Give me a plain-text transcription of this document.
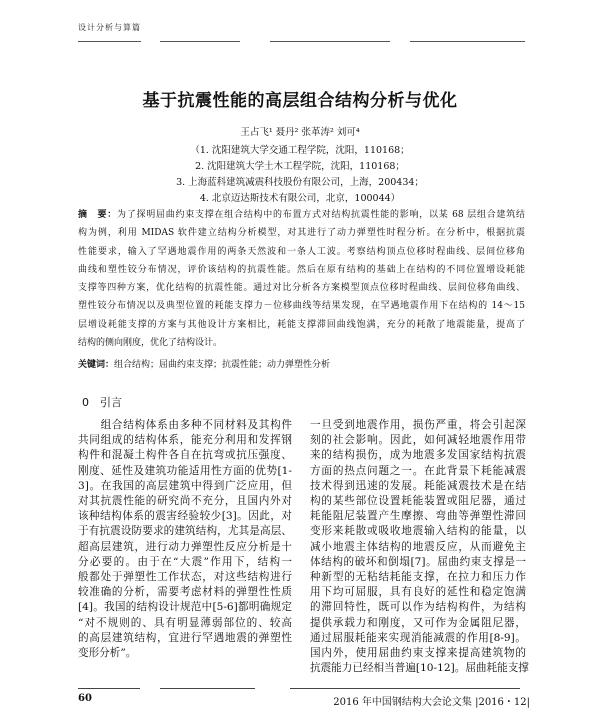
设计分析与算篇
基于抗震性能的高层组合结构分析与优化
王占飞¹ 聂丹² 张革涛² 刘可⁴
（1. 沈阳建筑大学交通工程学院，沈阳，110168；
2. 沈阳建筑大学土木工程学院，沈阳，110168；
3. 上海蓝科建筑减震科技股份有限公司，上海，200434；
4. 北京迈达斯技术有限公司，北京，100044）
摘　要：为了探明屈曲约束支撑在组合结构中的布置方式对结构抗震性能的影响，以某 68 层组合建筑结
构为例，利用 MIDAS 软件建立结构分析模型，对其进行了动力弹塑性时程分析。在分析中，根据抗震
性能要求，输入了罕遇地震作用的两条天然波和一条人工波。考察结构顶点位移时程曲线、层间位移角
曲线和塑性铰分布情况，评价该结构的抗震性能。然后在原有结构的基础上在结构的不同位置增设耗能
支撑等四种方案，优化结构的抗震性能。通过对比分析各方案模型顶点位移时程曲线、层间位移角曲线、
塑性铰分布情况以及典型位置的耗能支撑力－位移曲线等结果发现，在罕遇地震作用下在结构的 14～15
层增设耗能支撑的方案与其他设计方案相比，耗能支撑滞回曲线饱满，充分的耗散了地震能量，提高了
结构的侧向刚度，优化了结构设计。
关键词：组合结构；屈曲约束支撑；抗震性能；动力弹塑性分析
0　引言
　　组合结构体系由多种不同材料及其构件
共同组成的结构体系，能充分利用和发挥钢
构件和混凝土构件各自在抗弯或抗压强度、
刚度、延性及建筑功能适用性方面的优势[1-
3]。在我国的高层建筑中得到广泛应用，但
对其抗震性能的研究尚不充分，且国内外对
该种结构体系的震害经验较少[3]。因此，对
于有抗震设防要求的建筑结构，尤其是高层、
超高层建筑，进行动力弹塑性反应分析是十
分必要的。由于在“大震”作用下，结构一
般都处于弹塑性工作状态，对这些结构进行
较准确的分析，需要考虑材料的弹塑性性质
[4]。我国的结构设计规范中[5-6]都明确规定
“对不规则的、具有明显薄弱部位的、较高
的高层建筑结构，宜进行罕遇地震的弹塑性
变形分析”。
一旦受到地震作用，损伤严重，将会引起深
刻的社会影响。因此，如何减轻地震作用带
来的结构损伤，成为地震多发国家结构抗震
方面的热点问题之一。在此背景下耗能减震
技术得到迅速的发展。耗能减震技术是在结
构的某些部位设置耗能装置或阻尼器，通过
耗能阻尼装置产生摩擦、弯曲等弹塑性滞回
变形来耗散或吸收地震输入结构的能量，以
减小地震主体结构的地震反应，从而避免主
体结构的破坏和倒塌[7]。屈曲约束支撑是一
种新型的无粘结耗能支撑，在拉力和压力作
用下均可屈服，具有良好的延性和稳定饱满
的滞回特性，既可以作为结构构件，为结构
提供承载力和刚度，又可作为金属阻尼器，
通过屈服耗能来实现消能减震的作用[8-9]。
国内外，使用屈曲约束支撑来提高建筑物的
抗震能力已经相当普遍[10-12]。屈曲耗能支撑
60	2016 年中国钢结构大会论文集 |2016・12|
